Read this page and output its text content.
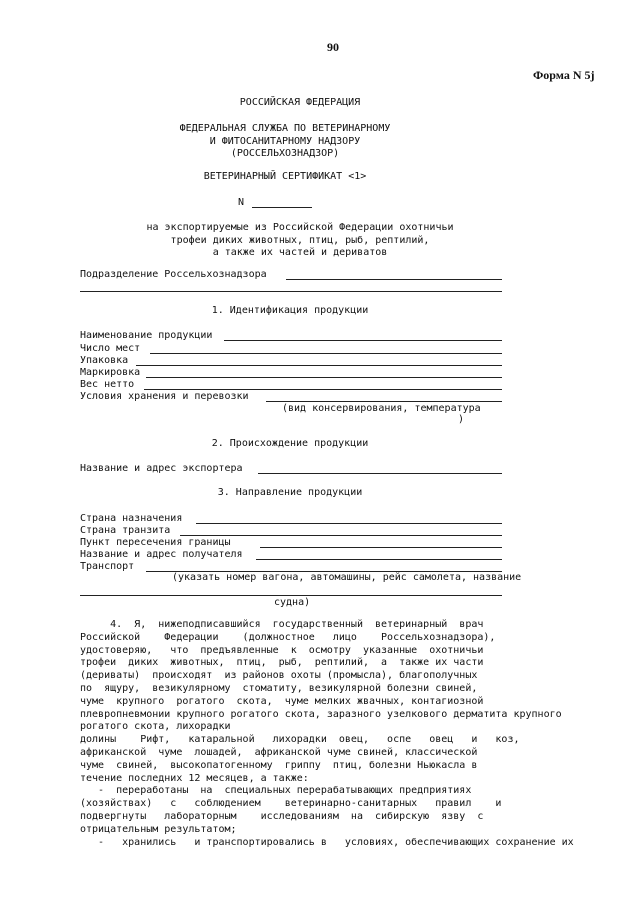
90
Форма N 5j
РОССИЙСКАЯ ФЕДЕРАЦИЯ
ФЕДЕРАЛЬНАЯ СЛУЖБА ПО ВЕТЕРИНАРНОМУ
И ФИТОСАНИТАРНОМУ НАДЗОРУ
(РОССЕЛЬХОЗНАДЗОР)
ВЕТЕРИНАРНЫЙ СЕРТИФИКАТ <1>
N
на экспортируемые из Российской Федерации охотничьи
трофеи диких животных, птиц, рыб, рептилий,
а также их частей и дериватов
Подразделение Россельхознадзора
1. Идентификация продукции
Наименование продукции
Число мест
Упаковка
Маркировка
Вес нетто
Условия хранения и перевозки
(вид консервирования, температура
)
2. Происхождение продукции
Название и адрес экспортера
3. Направление продукции
Страна назначения
Страна транзита
Пункт пересечения границы
Название и адрес получателя
Транспорт
(указать номер вагона, автомашины, рейс самолета, название
судна)
4.  Я,  нижеподписавшийся  государственный  ветеринарный  врач
Российской    Федерации    (должностное   лицо    Россельхознадзора),
удостоверяю,   что  предъявленные  к  осмотру  указанные  охотничьи
трофеи  диких  животных,  птиц,  рыб,  рептилий,  а  также их части
(дериваты)  происходят  из районов охоты (промысла), благополучных
по  ящуру,  везикулярному  стоматиту, везикулярной болезни свиней,
чуме  крупного  рогатого  скота,  чуме мелких жвачных, контагиозной
плевропневмонии крупного рогатого скота, заразного узелкового дерматита крупного
рогатого скота, лихорадки
долины    Рифт,   катаральной   лихорадки  овец,   оспе   овец   и   коз,
африканской  чуме  лошадей,  африканской чуме свиней, классической
чуме  свиней,  высокопатогенному  гриппу  птиц, болезни Ньюкасла в
течение последних 12 месяцев, а также:
-  переработаны  на  специальных перерабатывающих предприятиях
(хозяйствах)   с   соблюдением    ветеринарно-санитарных   правил    и
подвергнуты   лабораторным    исследованиям  на  сибирскую  язву  с
отрицательным результатом;
-   хранились   и транспортировались в   условиях, обеспечивающих сохранение их
